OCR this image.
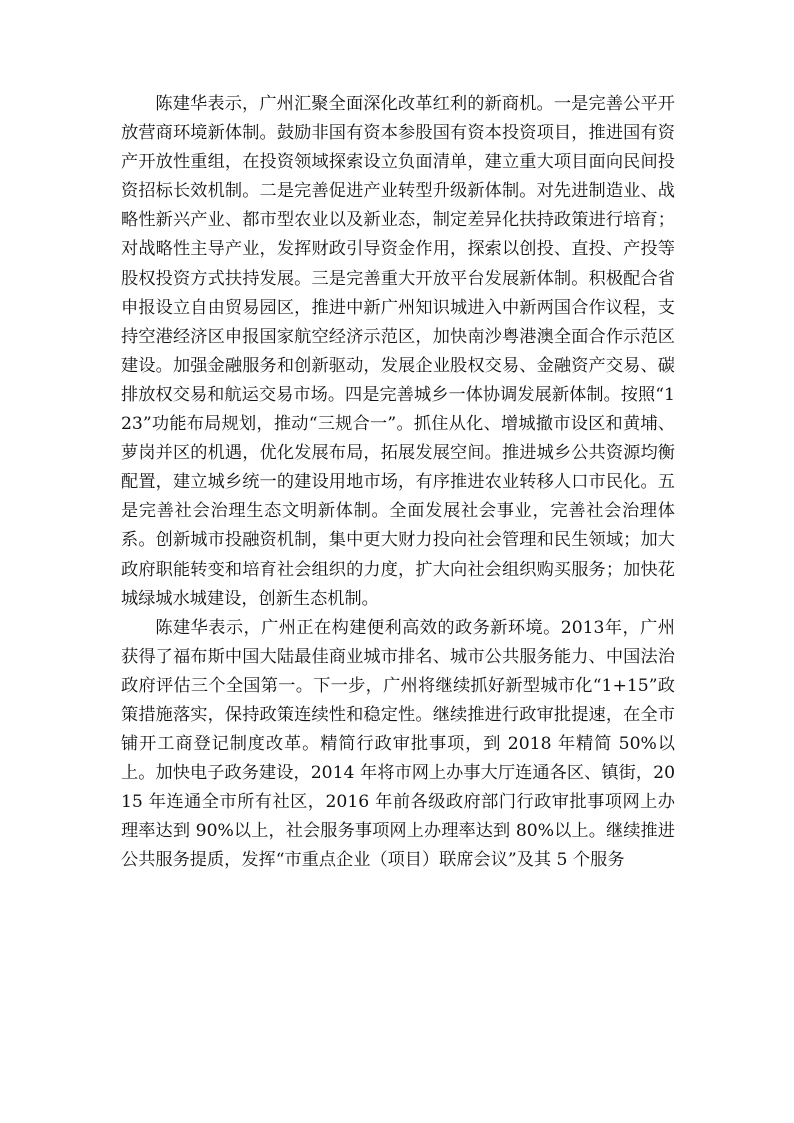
陈建华表示，广州汇聚全面深化改革红利的新商机。一是完善公平开放营商环境新体制。鼓励非国有资本参股国有资本投资项目，推进国有资产开放性重组，在投资领域探索设立负面清单，建立重大项目面向民间投资招标长效机制。二是完善促进产业转型升级新体制。对先进制造业、战略性新兴产业、都市型农业以及新业态，制定差异化扶持政策进行培育；对战略性主导产业，发挥财政引导资金作用，探索以创投、直投、产投等股权投资方式扶持发展。三是完善重大开放平台发展新体制。积极配合省申报设立自由贸易园区，推进中新广州知识城进入中新两国合作议程，支持空港经济区申报国家航空经济示范区，加快南沙粤港澳全面合作示范区建设。加强金融服务和创新驱动，发展企业股权交易、金融资产交易、碳排放权交易和航运交易市场。四是完善城乡一体协调发展新体制。按照“123”功能布局规划，推动“三规合一”。抓住从化、增城撤市设区和黄埔、萝岗并区的机遇，优化发展布局，拓展发展空间。推进城乡公共资源均衡配置，建立城乡统一的建设用地市场，有序推进农业转移人口市民化。五是完善社会治理生态文明新体制。全面发展社会事业，完善社会治理体系。创新城市投融资机制，集中更大财力投向社会管理和民生领域；加大政府职能转变和培育社会组织的力度，扩大向社会组织购买服务；加快花城绿城水城建设，创新生态机制。

陈建华表示，广州正在构建便利高效的政务新环境。2013年，广州获得了福布斯中国大陆最佳商业城市排名、城市公共服务能力、中国法治政府评估三个全国第一。下一步，广州将继续抓好新型城市化“1+15”政策措施落实，保持政策连续性和稳定性。继续推进行政审批提速，在全市铺开工商登记制度改革。精简行政审批事项，到 2018 年精简 50%以上。加快电子政务建设，2014 年将市网上办事大厅连通各区、镇街，2015 年连通全市所有社区，2016 年前各级政府部门行政审批事项网上办理率达到 90%以上，社会服务事项网上办理率达到 80%以上。继续推进公共服务提质，发挥“市重点企业（项目）联席会议”及其 5 个服务
